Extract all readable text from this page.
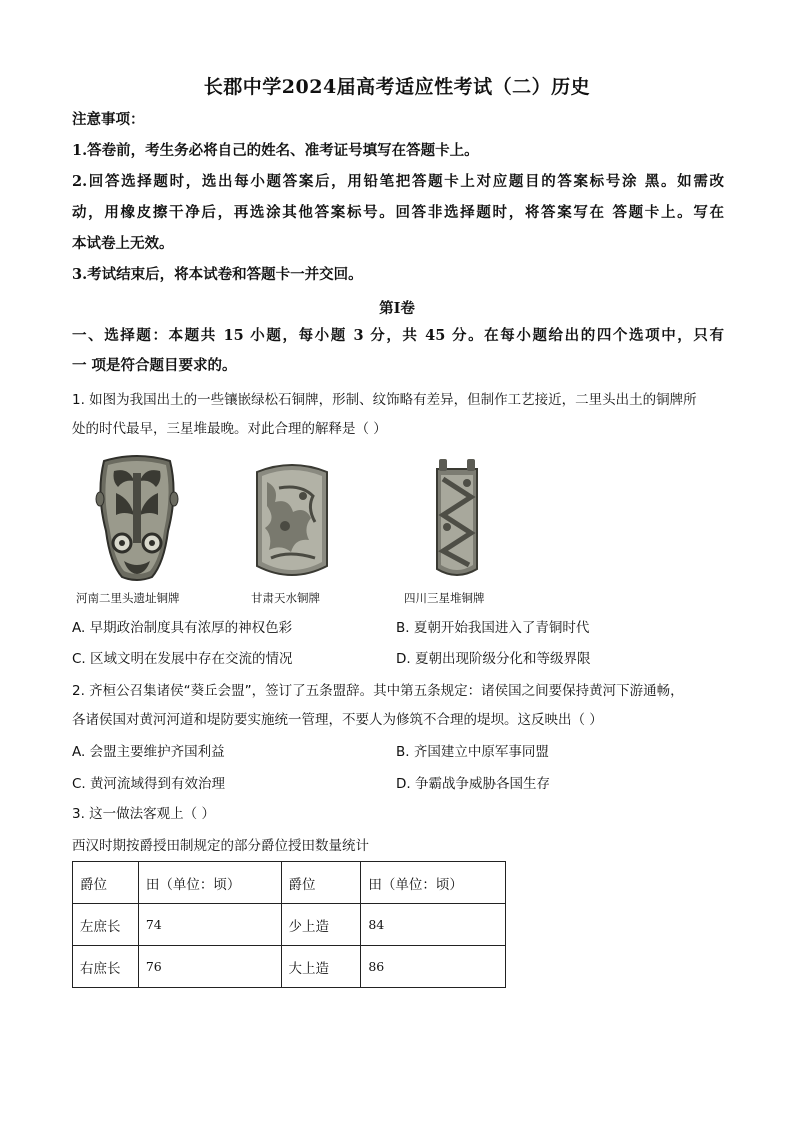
长郡中学2024届高考适应性考试（二）历史
注意事项：
1.答卷前，考生务必将自己的姓名、准考证号填写在答题卡上。
2.回答选择题时，选出每小题答案后，用铅笔把答题卡上对应题目的答案标号涂 黑。如需改
动，用橡皮擦干净后，再选涂其他答案标号。回答非选择题时，将答案写在 答题卡上。写在
本试卷上无效。
3.考试结束后，将本试卷和答题卡一并交回。
第Ⅰ卷
一、选择题：本题共 15 小题，每小题 3 分，共 45 分。在每小题给出的四个选项中，只有
一 项是符合题目要求的。
1. 如图为我国出土的一些镶嵌绿松石铜牌，形制、纹饰略有差异，但制作工艺接近，二里头出土的铜牌所
处的时代最早，三星堆最晚。对此合理的解释是（ ）
河南二里头遗址铜牌	甘肃天水铜牌	四川三星堆铜牌
A. 早期政治制度具有浓厚的神权色彩	B. 夏朝开始我国进入了青铜时代
C. 区域文明在发展中存在交流的情况	D. 夏朝出现阶级分化和等级界限
2. 齐桓公召集诸侯“葵丘会盟”，签订了五条盟辞。其中第五条规定：诸侯国之间要保持黄河下游通畅，
各诸侯国对黄河河道和堤防要实施统一管理，不要人为修筑不合理的堤坝。这反映出（ ）
A. 会盟主要维护齐国利益	B. 齐国建立中原军事同盟
C. 黄河流域得到有效治理	D. 争霸战争威胁各国生存
3. 这一做法客观上（ ）
西汉时期按爵授田制规定的部分爵位授田数量统计
爵位	田（单位：顷）	爵位	田（单位：顷）
左庶长	74	少上造	84
右庶长	76	大上造	86
